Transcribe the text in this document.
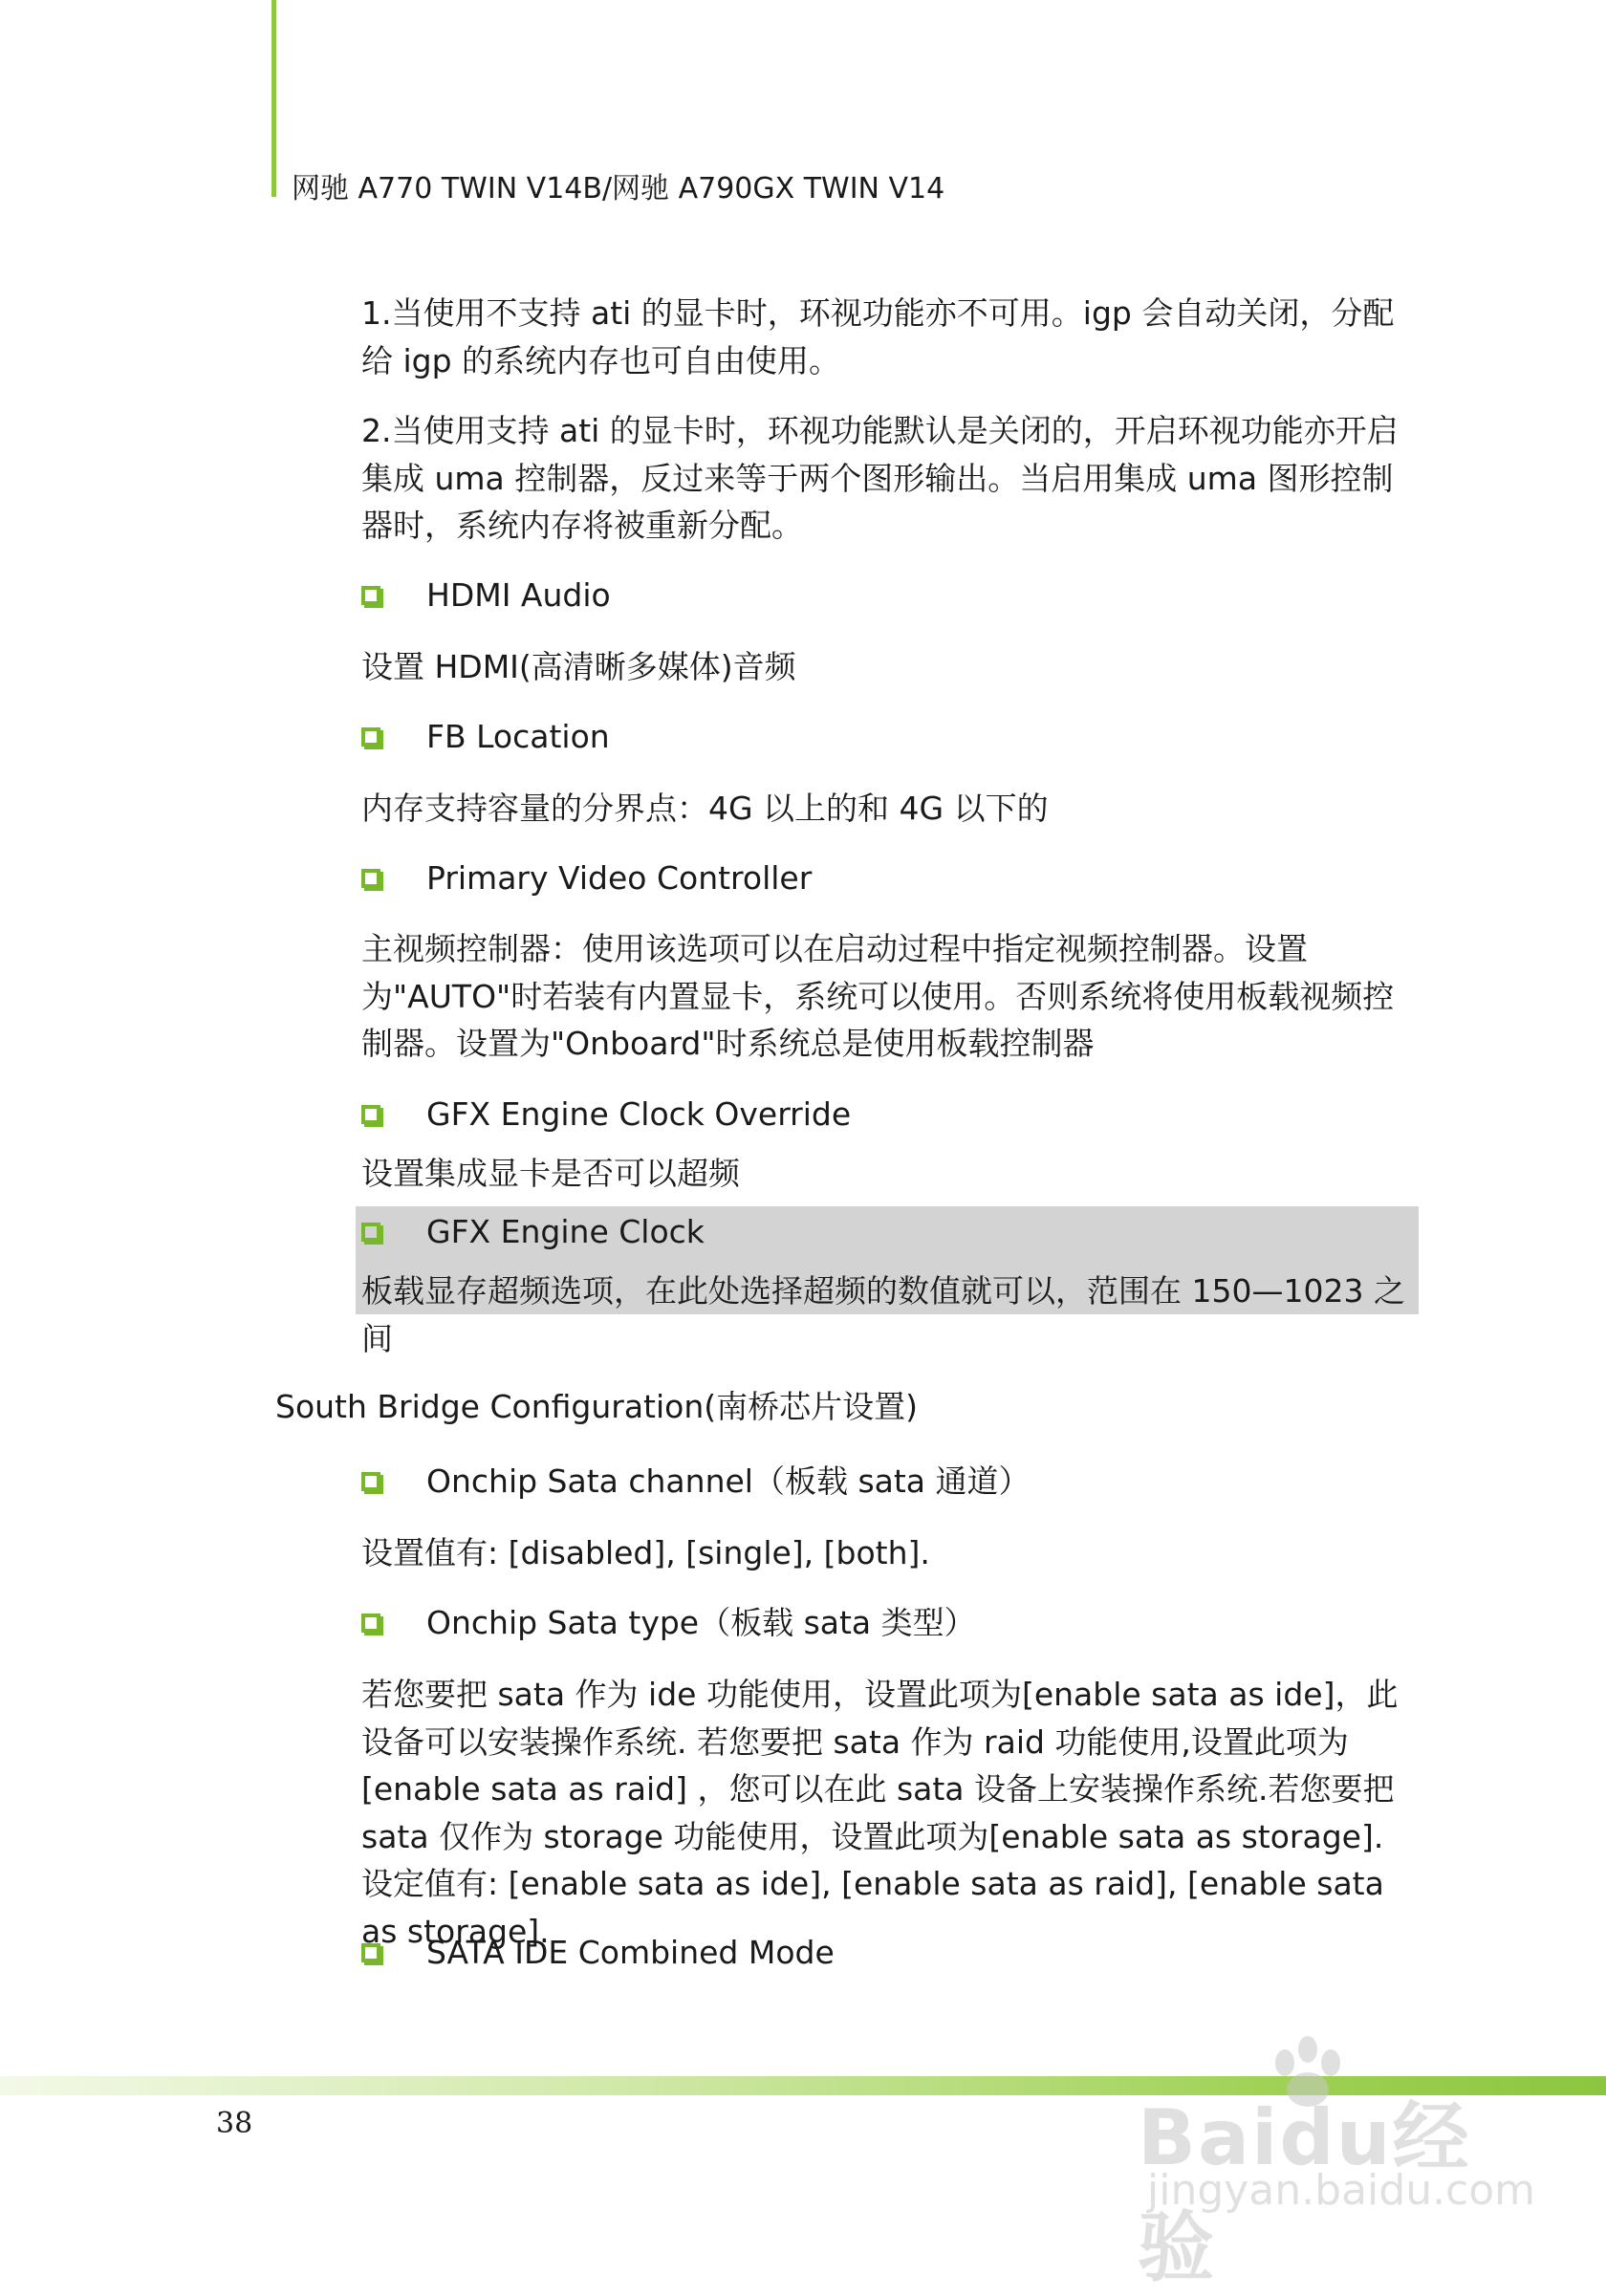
网驰 A770 TWIN V14B/网驰 A790GX TWIN V14
1.当使用不支持 ati 的显卡时，环视功能亦不可用。igp 会自动关闭，分配给 igp 的系统内存也可自由使用。
2.当使用支持 ati 的显卡时，环视功能默认是关闭的，开启环视功能亦开启集成 uma 控制器，反过来等于两个图形输出。当启用集成 uma 图形控制器时，系统内存将被重新分配。
HDMI Audio
设置 HDMI(高清晰多媒体)音频
FB Location
内存支持容量的分界点：4G 以上的和 4G 以下的
Primary Video Controller
主视频控制器：使用该选项可以在启动过程中指定视频控制器。设置为"AUTO"时若装有内置显卡，系统可以使用。否则系统将使用板载视频控制器。设置为"Onboard"时系统总是使用板载控制器
GFX Engine Clock Override
设置集成显卡是否可以超频
GFX Engine Clock
板载显存超频选项，在此处选择超频的数值就可以，范围在 150—1023 之间
South Bridge Configuration(南桥芯片设置)
Onchip Sata channel（板载 sata 通道）
设置值有: [disabled], [single], [both].
Onchip Sata type（板载 sata 类型）
若您要把 sata 作为 ide 功能使用，设置此项为[enable sata as ide]，此设备可以安装操作系统. 若您要把 sata 作为 raid 功能使用,设置此项为[enable sata as raid] ，您可以在此 sata 设备上安装操作系统.若您要把 sata 仅作为 storage 功能使用，设置此项为[enable sata as storage].设定值有: [enable sata as ide], [enable sata as raid], [enable sata as storage].
SATA IDE Combined Mode
38	Baidu经验
jingyan.baidu.com
